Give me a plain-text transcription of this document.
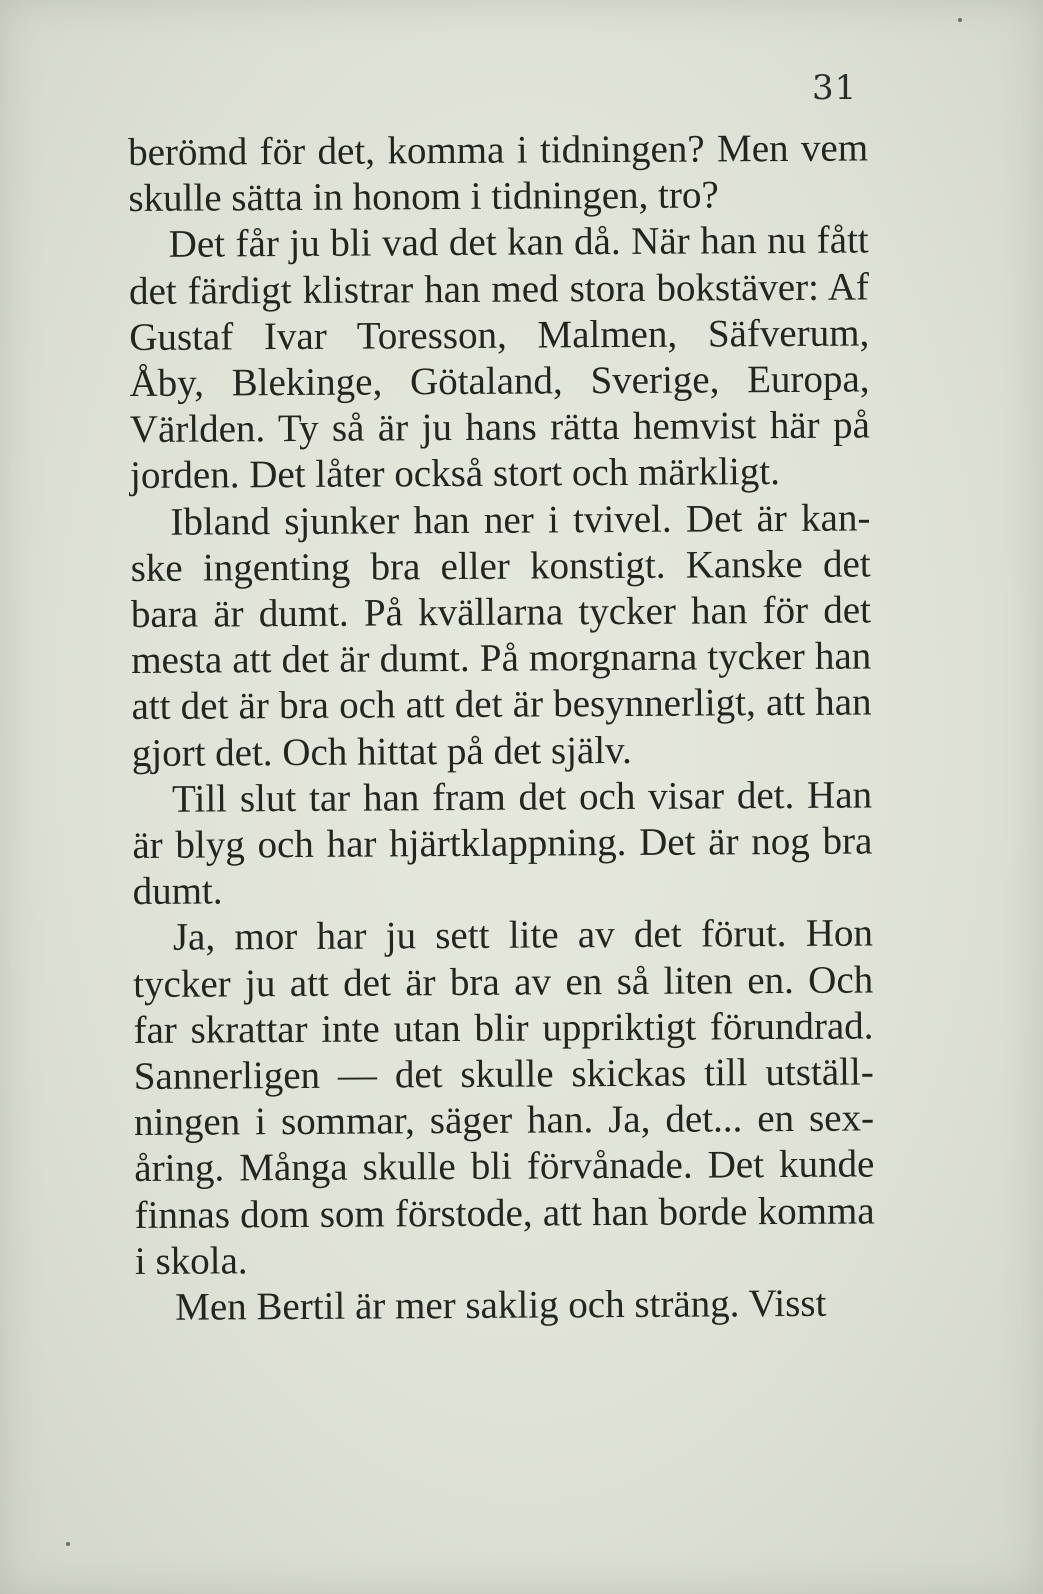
31

berömd för det, komma i tidningen? Men vem skulle sätta in honom i tidningen, tro?

Det får ju bli vad det kan då. När han nu fått det färdigt klistrar han med stora bokstäver: Af Gustaf Ivar Toresson, Malmen, Säfverum, Åby, Blekinge, Götaland, Sverige, Europa, Världen. Ty så är ju hans rätta hemvist här på jorden. Det låter också stort och märkligt.

Ibland sjunker han ner i tvivel. Det är kanske ingenting bra eller konstigt. Kanske det bara är dumt. På kvällarna tycker han för det mesta att det är dumt. På morgnarna tycker han att det är bra och att det är besynnerligt, att han gjort det. Och hittat på det själv.

Till slut tar han fram det och visar det. Han är blyg och har hjärtklappning. Det är nog bra dumt.

Ja, mor har ju sett lite av det förut. Hon tycker ju att det är bra av en så liten en. Och far skrattar inte utan blir uppriktigt förundrad. Sannerligen — det skulle skickas till utställningen i sommar, säger han. Ja, det... en sexåring. Många skulle bli förvånade. Det kunde finnas dom som förstode, att han borde komma i skola.

Men Bertil är mer saklig och sträng. Visst
